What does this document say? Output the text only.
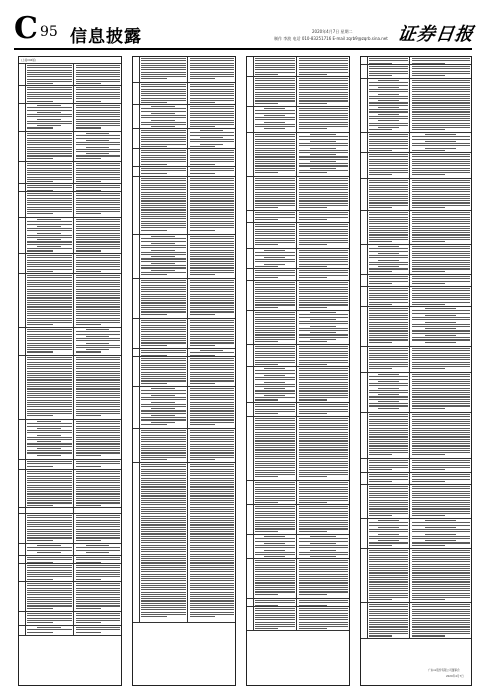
C 95 信息披露	2020年4月7日 星期二
制作 李波 电话 010-83251716 E-mail zqrb9@zqrb.sina.net 证券日报
(上接C94版)
广东xx股份有限公司董事会
2020年4月7日
